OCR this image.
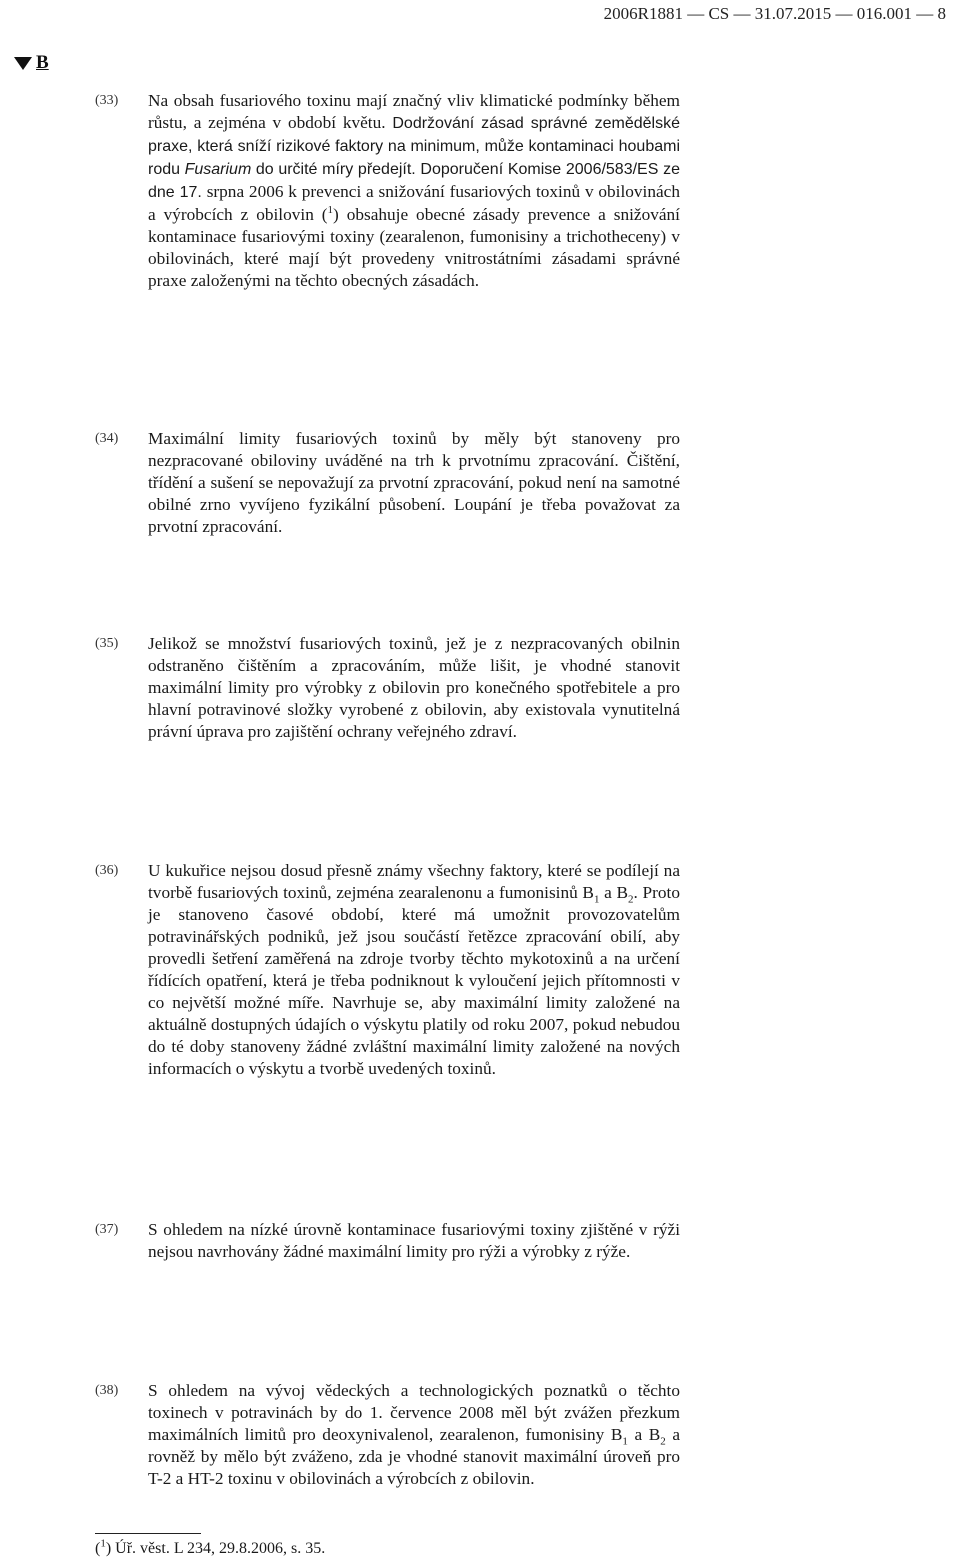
2006R1881 — CS — 31.07.2015 — 016.001 — 8
B
(33) Na obsah fusariového toxinu mají značný vliv klimatické podmínky během růstu, a zejména v období květu. Dodržování zásad správné zemědělské praxe, která sníží rizikové faktory na minimum, může kontaminaci houbami rodu Fusarium do určité míry předejít. Doporučení Komise 2006/583/ES ze dne 17. srpna 2006 k prevenci a snižování fusariových toxinů v obilovinách a výrobcích z obilovin ($^1$) obsahuje obecné zásady prevence a snižování kontaminace fusariovými toxiny (zearalenon, fumonisiny a trichotheceny) v obilovinách, které mají být provedeny vnitrostátními zásadami správné praxe založenými na těchto obecných zásadách.
(34) Maximální limity fusariových toxinů by měly být stanoveny pro nezpracované obiloviny uváděné na trh k prvotnímu zpracování. Čištění, třídění a sušení se nepovažují za prvotní zpracování, pokud není na samotné obilné zrno vyvíjeno fyzikální působení. Loupání je třeba považovat za prvotní zpracování.
(35) Jelikož se množství fusariových toxinů, jež je z nezpracovaných obilnin odstraněno čištěním a zpracováním, může lišit, je vhodné stanovit maximální limity pro výrobky z obilovin pro konečného spotřebitele a pro hlavní potravinové složky vyrobené z obilovin, aby existovala vynutitelná právní úprava pro zajištění ochrany veřejného zdraví.
(36) U kukuřice nejsou dosud přesně známy všechny faktory, které se podílejí na tvorbě fusariových toxinů, zejména zearalenonu a fumonisinů $B_1$ a $B_2$. Proto je stanoveno časové období, které má umožnit provozovatelům potravinářských podniků, jež jsou součástí řetězce zpracování obilí, aby provedli šetření zaměřená na zdroje tvorby těchto mykotoxinů a na určení řídících opatření, která je třeba podniknout k vyloučení jejich přítomnosti v co největší možné míře. Navrhuje se, aby maximální limity založené na aktuálně dostupných údajích o výskytu platily od roku 2007, pokud nebudou do té doby stanoveny žádné zvláštní maximální limity založené na nových informacích o výskytu a tvorbě uvedených toxinů.
(37) S ohledem na nízké úrovně kontaminace fusariovými toxiny zjištěné v rýži nejsou navrhovány žádné maximální limity pro rýži a výrobky z rýže.
(38) S ohledem na vývoj vědeckých a technologických poznatků o těchto toxinech v potravinách by do 1. července 2008 měl být zvážen přezkum maximálních limitů pro deoxynivalenol, zearalenon, fumonisiny $B_1$ a $B_2$ a rovněž by mělo být zváženo, zda je vhodné stanovit maximální úroveň pro T-2 a HT-2 toxinu v obilovinách a výrobcích z obilovin.
($^1$) Úř. věst. L 234, 29.8.2006, s. 35.
